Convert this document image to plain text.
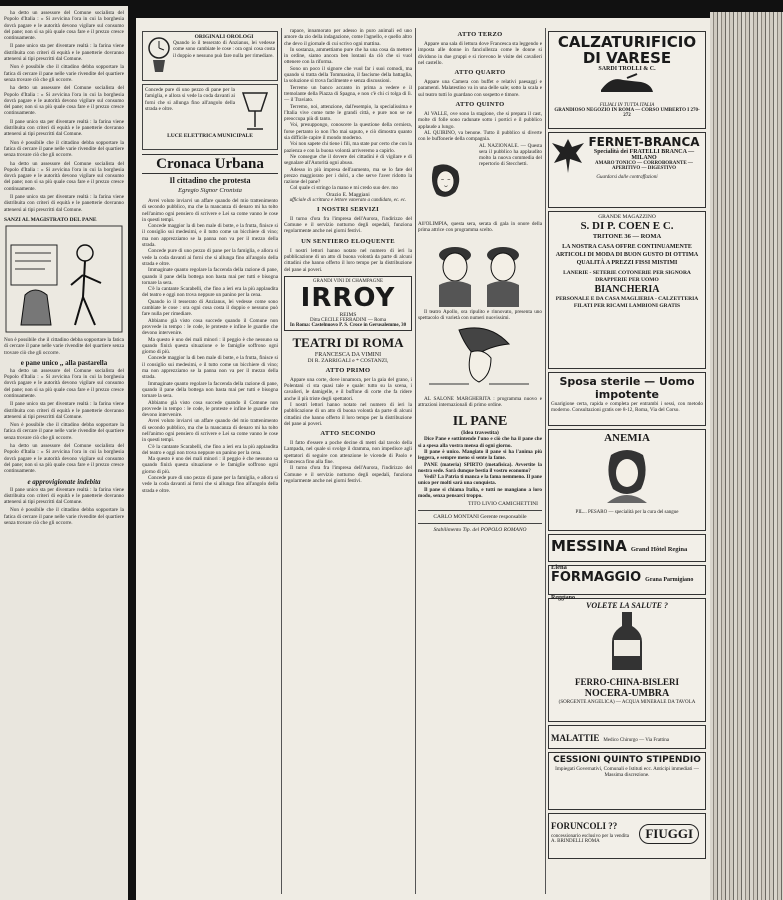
ha detto un assessore del Comune socialista del Popolo d'Italia : « Si avvicina l'ora in cui la borghesia dovrà pagare e le autorità devono vigilare sul consumo del pane; non si sa più quale cosa fare e il prezzo cresce continuamente.

Il pane unico sta per diventare realtà : la farina viene distribuita con criteri di equità e le panetterie dovranno attenersi ai tipi prescritti dal Comune.

Non è possibile che il cittadino debba sopportare la fatica di cercare il pane nelle varie rivendite del quartiere senza trovare ciò che gli occorre.

ha detto un assessore del Comune socialista del Popolo d'Italia : « Si avvicina l'ora in cui la borghesia dovrà pagare e le autorità devono vigilare sul consumo del pane; non si sa più quale cosa fare e il prezzo cresce continuamente.

Il pane unico sta per diventare realtà : la farina viene distribuita con criteri di equità e le panetterie dovranno attenersi ai tipi prescritti dal Comune.

Non è possibile che il cittadino debba sopportare la fatica di cercare il pane nelle varie rivendite del quartiere senza trovare ciò che gli occorre.

ha detto un assessore del Comune socialista del Popolo d'Italia : « Si avvicina l'ora in cui la borghesia dovrà pagare e le autorità devono vigilare sul consumo del pane; non si sa più quale cosa fare e il prezzo cresce continuamente.

Il pane unico sta per diventare realtà : la farina viene distribuita con criteri di equità e le panetterie dovranno attenersi ai tipi prescritti dal Comune.

SANZI AL MAGISTRATO DEL PANE

Non è possibile che il cittadino debba sopportare la fatica di cercare il pane nelle varie rivendite del quartiere senza trovare ciò che gli occorre.

e pane unico ,, alla pastarella

ha detto un assessore del Comune socialista del Popolo d'Italia : « Si avvicina l'ora in cui la borghesia dovrà pagare e le autorità devono vigilare sul consumo del pane; non si sa più quale cosa fare e il prezzo cresce continuamente.

Il pane unico sta per diventare realtà : la farina viene distribuita con criteri di equità e le panetterie dovranno attenersi ai tipi prescritti dal Comune.

Non è possibile che il cittadino debba sopportare la fatica di cercare il pane nelle varie rivendite del quartiere senza trovare ciò che gli occorre.

ha detto un assessore del Comune socialista del Popolo d'Italia : « Si avvicina l'ora in cui la borghesia dovrà pagare e le autorità devono vigilare sul consumo del pane; non si sa più quale cosa fare e il prezzo cresce continuamente.

e approvigionate indebita

Il pane unico sta per diventare realtà : la farina viene distribuita con criteri di equità e le panetterie dovranno attenersi ai tipi prescritti dal Comune.

Non è possibile che il cittadino debba sopportare la fatica di cercare il pane nelle varie rivendite del quartiere senza trovare ciò che gli occorre.

ORIGINALI OROLOGI

Quando io il tesserato di Anzianus, lei vedesse come sono cambiate le cose : ora ogni cosa costa il doppio e nessuno può fare nulla per rimediare.

Concede pure di uno pezzo di pane per la famiglia, e allora si vede la coda davanti ai forni che si allunga fino all'angolo della strada e oltre.

LUCE ELETTRICA MUNICIPALE
Cronaca Urbana
Il cittadino che protesta
Egregio Signor Cronista

Avrei voluto inviarvi un affare quando del mio trattenimento di secondo pubblico, ma che la mancanza di denaro mi ha tolto nell'animo ogni pensiero di scrivere e Lei sa come vanno le cose in questi tempi.

Concede maggior la di ben male di botte, e la frutta, finisce si il consiglio sui medesimi, e il tutto come un bicchiere di vino; ma non apprezziamo se la panna non va per il mezzo della strada.

Concede pure di uno pezzo di pane per la famiglia, e allora si vede la coda davanti ai forni che si allunga fino all'angolo della strada e oltre.

Immaginate quanto regolare la faccenda della razione di pane, quando il pane della bottega non basta mai per tutti e bisogna tornare la sera.

C'è la cantante Scarabelli, che fino a ieri era la più applaudita del teatro e oggi non trova neppure un panino per la cena.

Quando io il tesserato di Anzianus, lei vedesse come sono cambiate le cose : ora ogni cosa costa il doppio e nessuno può fare nulla per rimediare.

Abbiamo già visto cosa succede quando il Comune non provvede in tempo : le code, le proteste e infine le guardie che devono intervenire.

Ma questo è uno dei mali minori : il peggio è che nessuno sa quando finirà questa situazione e le famiglie soffrono ogni giorno di più.

Concede maggior la di ben male di botte, e la frutta, finisce si il consiglio sui medesimi, e il tutto come un bicchiere di vino; ma non apprezziamo se la panna non va per il mezzo della strada.

Immaginate quanto regolare la faccenda della razione di pane, quando il pane della bottega non basta mai per tutti e bisogna tornare la sera.

Abbiamo già visto cosa succede quando il Comune non provvede in tempo : le code, le proteste e infine le guardie che devono intervenire.

Avrei voluto inviarvi un affare quando del mio trattenimento di secondo pubblico, ma che la mancanza di denaro mi ha tolto nell'animo ogni pensiero di scrivere e Lei sa come vanno le cose in questi tempi.

C'è la cantante Scarabelli, che fino a ieri era la più applaudita del teatro e oggi non trova neppure un panino per la cena.

Ma questo è uno dei mali minori : il peggio è che nessuno sa quando finirà questa situazione e le famiglie soffrono ogni giorno di più.

Concede pure di uno pezzo di pane per la famiglia, e allora si vede la coda davanti ai forni che si allunga fino all'angolo della strada e oltre.

rapace, innamorato per adesso in puro animali ed uno amore da zio della indagazione, come l'agnello, e quello altro che devo il giornale di cui scrivo ogni mattina.

In sostanza, ammettiamo pure che ha una cosa da mettere in ordine, siamo ancora ben lontani da ciò che si vuol ottenere con la riforma.

Sono un poco il signore che vuol far i suoi comodi, ma quando si tratta della Tommasina, il fascisme della battaglia, la soluzione si trova facilmente e senza discussioni.

Terremo un banco accanto in prima a vedere e il tremolante della Piazza di Spagna, e non c'è chi ci tolga di lì. — il Traviato.

Terremo, noi, attenzione, dall'esempio, la specialissima e l'Italia vive come tutte le grandi città, e pure non se ne preoccupa più di tanto.

Voi, presuppongo, conoscere la questione della cerniera, forse pertanto io non l'ho mai saputo, e ciò dimostra quanto sia difficile capire il mondo moderno.

Voi non sapete chi tiene i fili, ma state pur certo che con la pazienza e con la buona volontà arriveremo a capirlo.

Ne consegue che il dovere dei cittadini è di vigilare e di segnalare all'Autorità ogni abuso.

Adesso in più impresa dell'aumento, ma se lo fate del prezzo maggiorato per i dolci, a che serve l'aver ridotto la razione del pane?

Col quale ci stringo la mano e mi credo suo dev. mo

Orazio E. Maggiani
ufficiale di scrittura e lettore vanerato a candidato, ec. ec.
I NOSTRI SERVIZI

Il turno d'ora fra l'impresa dell'Aurora, l'indirizzo del Comune e il servizio notturno degli ospedali, funziona regolarmente anche nei giorni festivi.

UN SENTIERO ELOQUENTE

I nostri lettori hanno notato nel numero di ieri la pubblicazione di un atto di buona volontà da parte di alcuni cittadini che hanno offerto il loro tempo per la distribuzione del pane ai poveri.

GRANDI VINI DI CHAMPAGNE
IRROY
REIMS
Ditta CECILE FERRADINI — Roma
In Roma: Castelnuovo P. S. Croce in Gerusalemme, 30
TEATRI DI ROMA
FRANCESCA DA VIMINI
DI R. ZARRIGALI e * COSTANZI,
ATTO PRIMO

Appare una corte, dove innamora, per la gaia del grano, i Polentani ci sta quasi tale e quale: tutto su la scena, i cavalieri, le damigelle, e il buffone di corte che fa ridere anche il più triste degli spettatori.

I nostri lettori hanno notato nel numero di ieri la pubblicazione di un atto di buona volontà da parte di alcuni cittadini che hanno offerto il loro tempo per la distribuzione del pane ai poveri.

ATTO SECONDO

Il fatto d'essere a poche decine di metri dal tavolo della Lampada, nel quale si svolge il dramma, non impedisce agli spettatori di seguire con attenzione le vicende di Paolo e Francesca fino alla fine.

Il turno d'ora fra l'impresa dell'Aurora, l'indirizzo del Comune e il servizio notturno degli ospedali, funziona regolarmente anche nei giorni festivi.

ATTO TERZO

Appare una sala di lettura dove Francesca sta leggendo e imposta alle donne in fanciullezza come le donne si dividono in due gruppi e si ricevono le visite dei cavalieri nel castello.

ATTO QUARTO

Appare una Camera con buffet e relativi paesaggi e paramenti. Malatestino va in una delle sale; sotto la scala e sul teatro tutti lo guardano con sospetto e timore.

ATTO QUINTO

Al VALLE, ove sono la stagione, che si prepara il cast, molte di folle sono radunate sotto i portici e il pubblico applaude a lungo.

AL QUIRINO, va benone. Tutto il pubblico si diverte con le buffonerie della compagnia.

AL NAZIONALE. — Questa sera il pubblico ha applaudito molto la nuova commedia del repertorio di Stecchetti.

All'OLIMPIA, questa sera, serata di gala in onore della prima attrice con programma scelto.

Il teatro Apollo, ora ripulito e rinnovato, presenta uno spettacolo di varietà con numeri nuovissimi.

AL SALONE MARGHERITA : programma nuovo e attrazioni internazionali di primo ordine.

IL PANE
(Idea travestita)

Dice Pane e sottintende l'uno e ciò che ha il pane che si a spesa alla vostra mensa di ogni giorno.

Il pane è unico. Mangiato il pane si ha l'anima più leggera, e sempre meno si sente la fame.

PANE (materia) SPIRTO (metafisica). Avvertite la nostra sede. Sarà dunque bestia il vostro economo?

Vedi? La Patria ti manca e la fama nemmeno. Il pane unico per molti sarà una conquista.

Il pane si chiama Italia, e tutti ne mangiano a loro modo, senza pensarci troppo.

TITO LIVIO CAMICHETTINI
CARLO MONTANI Gerente responsabile
Stabilimento Tip. del POPOLO ROMANO
CALZATURIFICIO
DI VARESE
SARDI TROLLI & C.
FILIALI IN TUTTA ITALIA
GRANDIOSO NEGOZIO IN ROMA — CORSO UMBERTO I 270-272
FERNET-BRANCA
Specialità dei FRATELLI BRANCA — MILANO
AMARO TONICO — CORROBORANTE — APERITIVO — DIGESTIVO
Guardarsi dalle contraffazioni
GRANDE MAGAZZINO
S. DI P. COEN E C.
TRITONE 36 — ROMA
LA NOSTRA CASA OFFRE CONTINUAMENTE ARTICOLI DI MODA DI BUON GUSTO DI OTTIMA QUALITÀ A PREZZI FISSI MISTIMI
LANERIE - SETERIE COTONERIE PER SIGNORA DRAPPERIE PER UOMO
BIANCHERIA
PERSONALE E DA CASA MAGLIERIA - CALZETTERIA FILATI PER RICAMI LAMBIONI GRATIS
Sposa sterile — Uomo impotente

Guarigione certa, rapida e completa per entrambi i sessi, con metodo moderno. Consultazioni gratis ore 8-12, Roma, Via del Corso.

ANEMIA
PIL... PESARO — specialità per la cura del sangue
MESSINA Grand Hôtel Regina
FORMAGGIO Grana Parmigiano Reggiano
VOLETE LA SALUTE ?
FERRO-CHINA-BISLERI
NOCERA-UMBRA
(SORGENTE ANGELICA) — ACQUA MINERALE DA TAVOLA
MALATTIE Medico Chirurgo — Via Frattina
CESSIONI QUINTO STIPENDIO

Impiegati Governativi, Comunali e Istituti ecc. Anticipi immediati — Massima discrezione.

FORUNCOLI ??
concessionario esclusivo per la vendita A. BRINDELLI ROMA
FIUGGI
